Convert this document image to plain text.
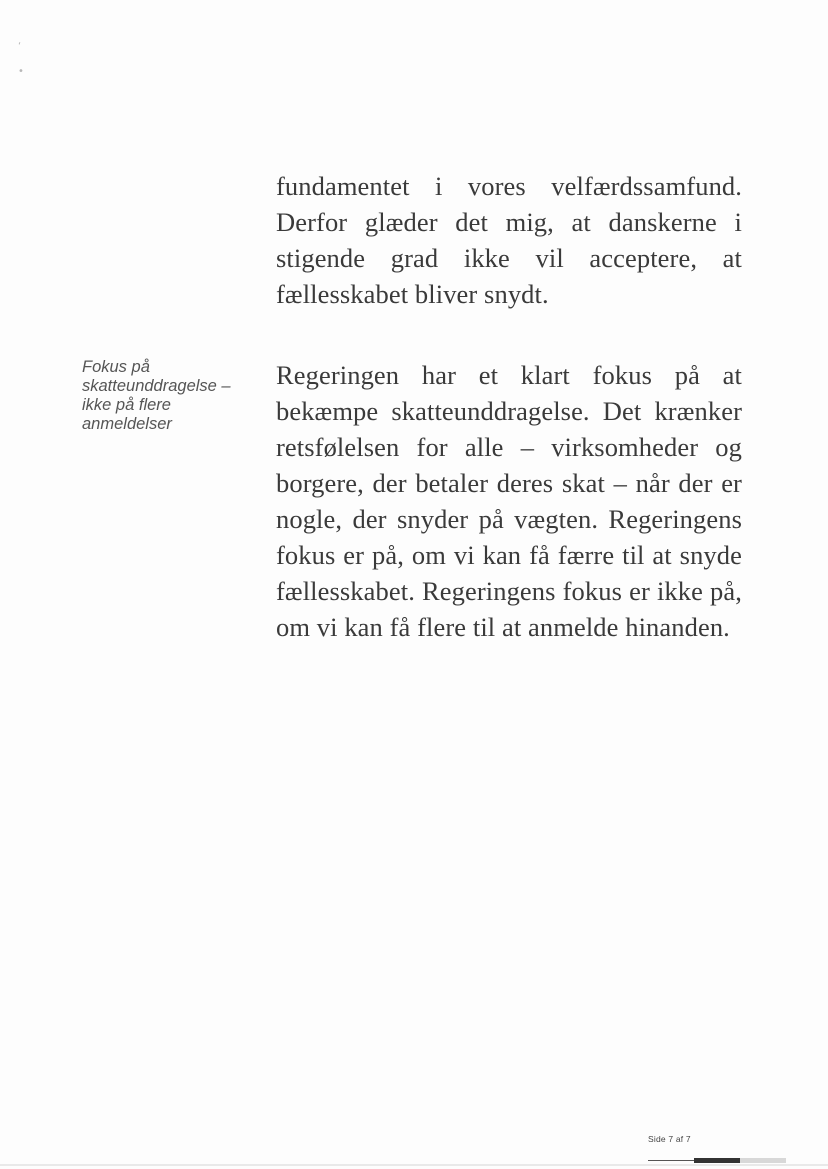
‘
•

fundamentet i vores velfærdssamfund. Derfor glæder det mig, at danskerne i stigende grad ikke vil acceptere, at fællesskabet bliver snydt.

Fokus på skatteunddragelse – ikke på flere anmeldelser

Regeringen har et klart fokus på at bekæmpe skatteunddragelse. Det krænker retsfølelsen for alle – virksomheder og borgere, der betaler deres skat – når der er nogle, der snyder på vægten. Regeringens fokus er på, om vi kan få færre til at snyde fællesskabet. Regeringens fokus er ikke på, om vi kan få flere til at anmelde hinanden.

Side 7 af 7
